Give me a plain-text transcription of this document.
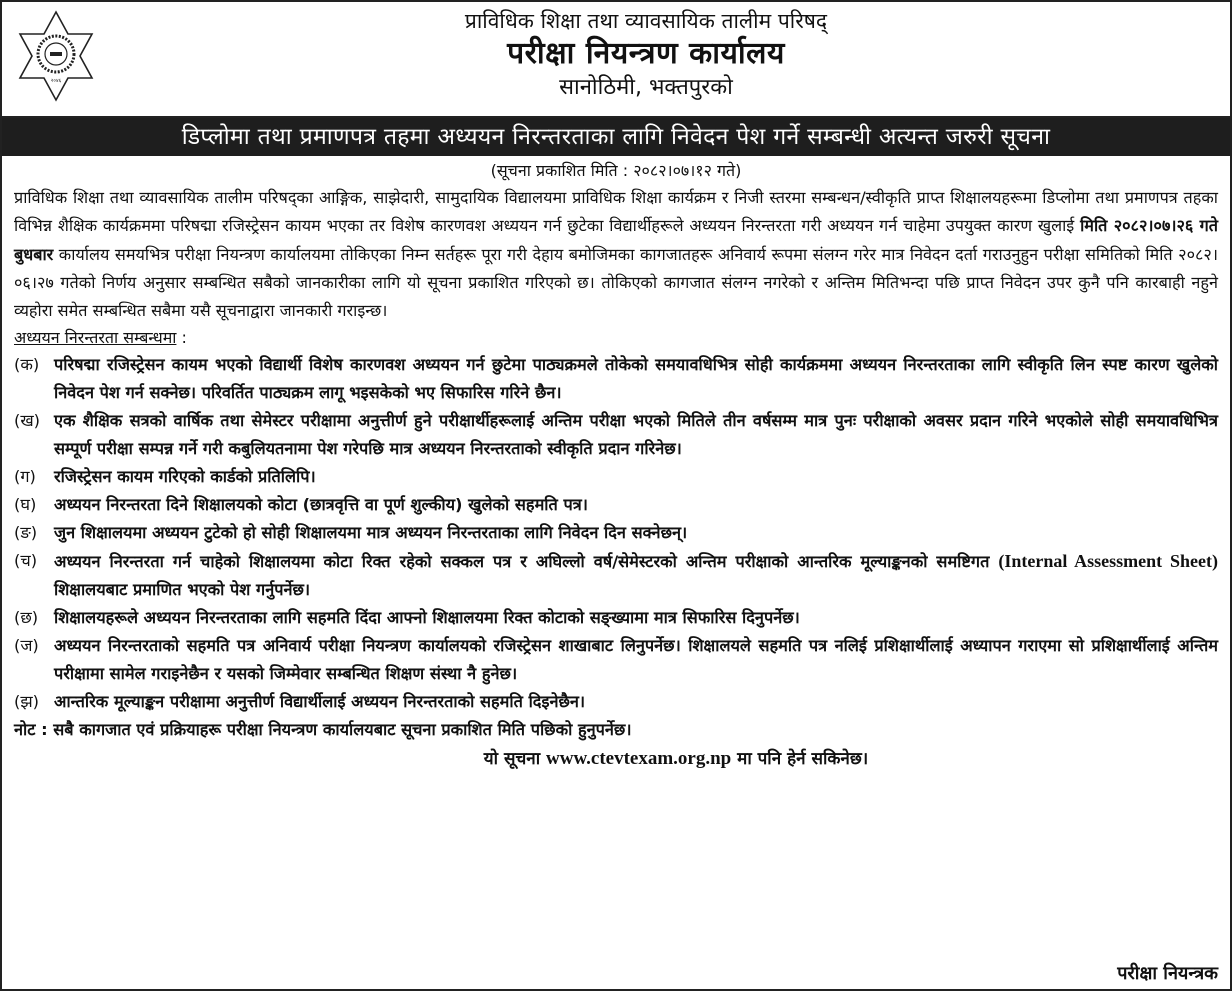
२०४६
प्राविधिक शिक्षा तथा व्यावसायिक तालीम परिषद्
परीक्षा नियन्त्रण कार्यालय
सानोठिमी, भक्तपुरको
डिप्लोमा तथा प्रमाणपत्र तहमा अध्ययन निरन्तरताका लागि निवेदन पेश गर्ने सम्बन्धी अत्यन्त जरुरी सूचना
(सूचना प्रकाशित मिति : २०८२।०७।१२ गते)

प्राविधिक शिक्षा तथा व्यावसायिक तालीम परिषद्का आङ्गिक, साझेदारी, सामुदायिक विद्यालयमा प्राविधिक शिक्षा कार्यक्रम र निजी स्तरमा सम्बन्धन/स्वीकृति प्राप्त शिक्षालयहरूमा डिप्लोमा तथा प्रमाणपत्र तहका विभिन्न शैक्षिक कार्यक्रममा परिषद्मा रजिस्ट्रेसन कायम भएका तर विशेष कारणवश अध्ययन गर्न छुटेका विद्यार्थीहरूले अध्ययन निरन्तरता गरी अध्ययन गर्न चाहेमा उपयुक्त कारण खुलाई मिति २०८२।०७।२६ गते बुधबार कार्यालय समयभित्र परीक्षा नियन्त्रण कार्यालयमा तोकिएका निम्न सर्तहरू पूरा गरी देहाय बमोजिमका कागजातहरू अनिवार्य रूपमा संलग्न गरेर मात्र निवेदन दर्ता गराउनुहुन परीक्षा समितिको मिति २०८२।०६।२७ गतेको निर्णय अनुसार सम्बन्धित सबैको जानकारीका लागि यो सूचना प्रकाशित गरिएको छ। तोकिएको कागजात संलग्न नगरेको र अन्तिम मितिभन्दा पछि प्राप्त निवेदन उपर कुनै पनि कारबाही नहुने व्यहोरा समेत सम्बन्धित सबैमा यसै सूचनाद्वारा जानकारी गराइन्छ।

अध्ययन निरन्तरता सम्बन्धमा :
(क) परिषद्मा रजिस्ट्रेसन कायम भएको विद्यार्थी विशेष कारणवश अध्ययन गर्न छुटेमा पाठ्यक्रमले तोकेको समयावधिभित्र सोही कार्यक्रममा अध्ययन निरन्तरताका लागि स्वीकृति लिन स्पष्ट कारण खुलेको निवेदन पेश गर्न सक्नेछ। परिवर्तित पाठ्यक्रम लागू भइसकेको भए सिफारिस गरिने छैन।
(ख) एक शैक्षिक सत्रको वार्षिक तथा सेमेस्टर परीक्षामा अनुत्तीर्ण हुने परीक्षार्थीहरूलाई अन्तिम परीक्षा भएको मितिले तीन वर्षसम्म मात्र पुनः परीक्षाको अवसर प्रदान गरिने भएकोले सोही समयावधिभित्र सम्पूर्ण परीक्षा सम्पन्न गर्ने गरी कबुलियतनामा पेश गरेपछि मात्र अध्ययन निरन्तरताको स्वीकृति प्रदान गरिनेछ।
(ग)	रजिस्ट्रेसन कायम गरिएको कार्डको प्रतिलिपि।
(घ)	अध्ययन निरन्तरता दिने शिक्षालयको कोटा (छात्रवृत्ति वा पूर्ण शुल्कीय) खुलेको सहमति पत्र।
(ङ)	जुन शिक्षालयमा अध्ययन टुटेको हो सोही शिक्षालयमा मात्र अध्ययन निरन्तरताका लागि निवेदन दिन सक्नेछन्।
(च)	अध्ययन निरन्तरता गर्न चाहेको शिक्षालयमा कोटा रिक्त रहेको सक्कल पत्र र अघिल्लो वर्ष/सेमेस्टरको अन्तिम परीक्षाको आन्तरिक मूल्याङ्कनको समष्टिगत (Internal Assessment Sheet) शिक्षालयबाट प्रमाणित भएको पेश गर्नुपर्नेछ।
(छ) शिक्षालयहरूले अध्ययन निरन्तरताका लागि सहमति दिंदा आफ्नो शिक्षालयमा रिक्त कोटाको सङ्ख्यामा मात्र सिफारिस दिनुपर्नेछ।
(ज) अध्ययन निरन्तरताको सहमति पत्र अनिवार्य परीक्षा नियन्त्रण कार्यालयको रजिस्ट्रेसन शाखाबाट लिनुपर्नेछ। शिक्षालयले सहमति पत्र नलिई प्रशिक्षार्थीलाई अध्यापन गराएमा सो प्रशिक्षार्थीलाई अन्तिम परीक्षामा सामेल गराइनेछैन र यसको जिम्मेवार सम्बन्धित शिक्षण संस्था नै हुनेछ।
(झ) आन्तरिक मूल्याङ्कन परीक्षामा अनुत्तीर्ण विद्यार्थीलाई अध्ययन निरन्तरताको सहमति दिइनेछैन।
नोट : सबै कागजात एवं प्रक्रियाहरू परीक्षा नियन्त्रण कार्यालयबाट सूचना प्रकाशित मिति पछिको हुनुपर्नेछ।
यो सूचना www.ctevtexam.org.np मा पनि हेर्न सकिनेछ।
परीक्षा नियन्त्रक
